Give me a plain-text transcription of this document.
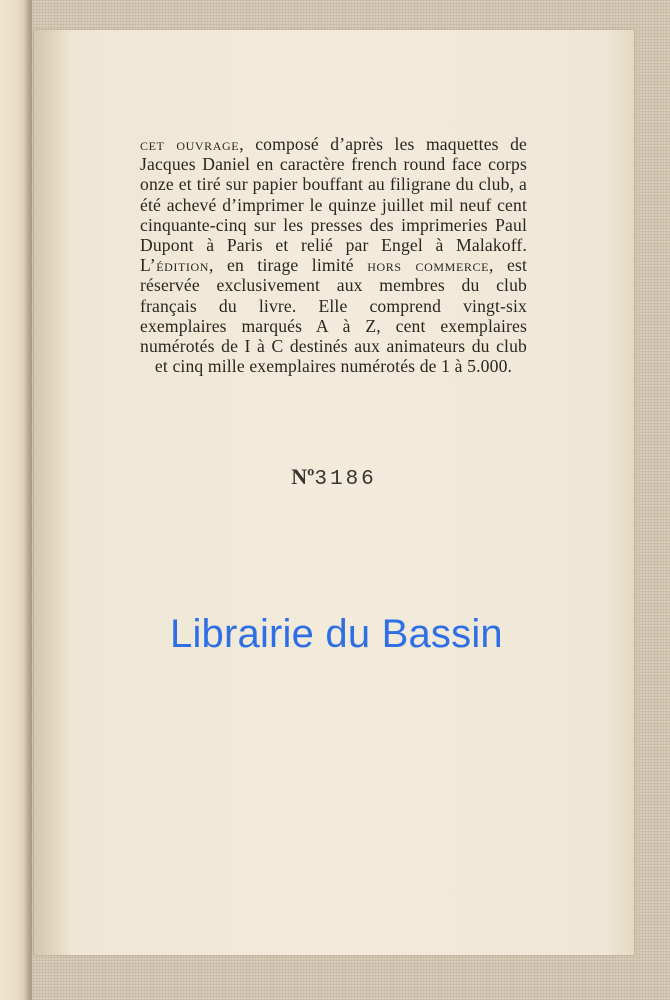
cet ouvrage, composé d’après les maquettes de Jacques Daniel en caractère french round face corps onze et tiré sur papier bouffant au filigrane du club, a été achevé d’imprimer le quinze juillet mil neuf cent cinquante-cinq sur les presses des imprimeries Paul Dupont à Paris et relié par Engel à Malakoff. L’édition, en tirage limité hors commerce, est réservée exclusivement aux membres du club français du livre. Elle comprend vingt-six exemplaires marqués A à Z, cent exemplaires numérotés de I à C destinés aux animateurs du club et cinq mille exemplaires numérotés de 1 à 5.000.

Nº3186
Librairie du Bassin
